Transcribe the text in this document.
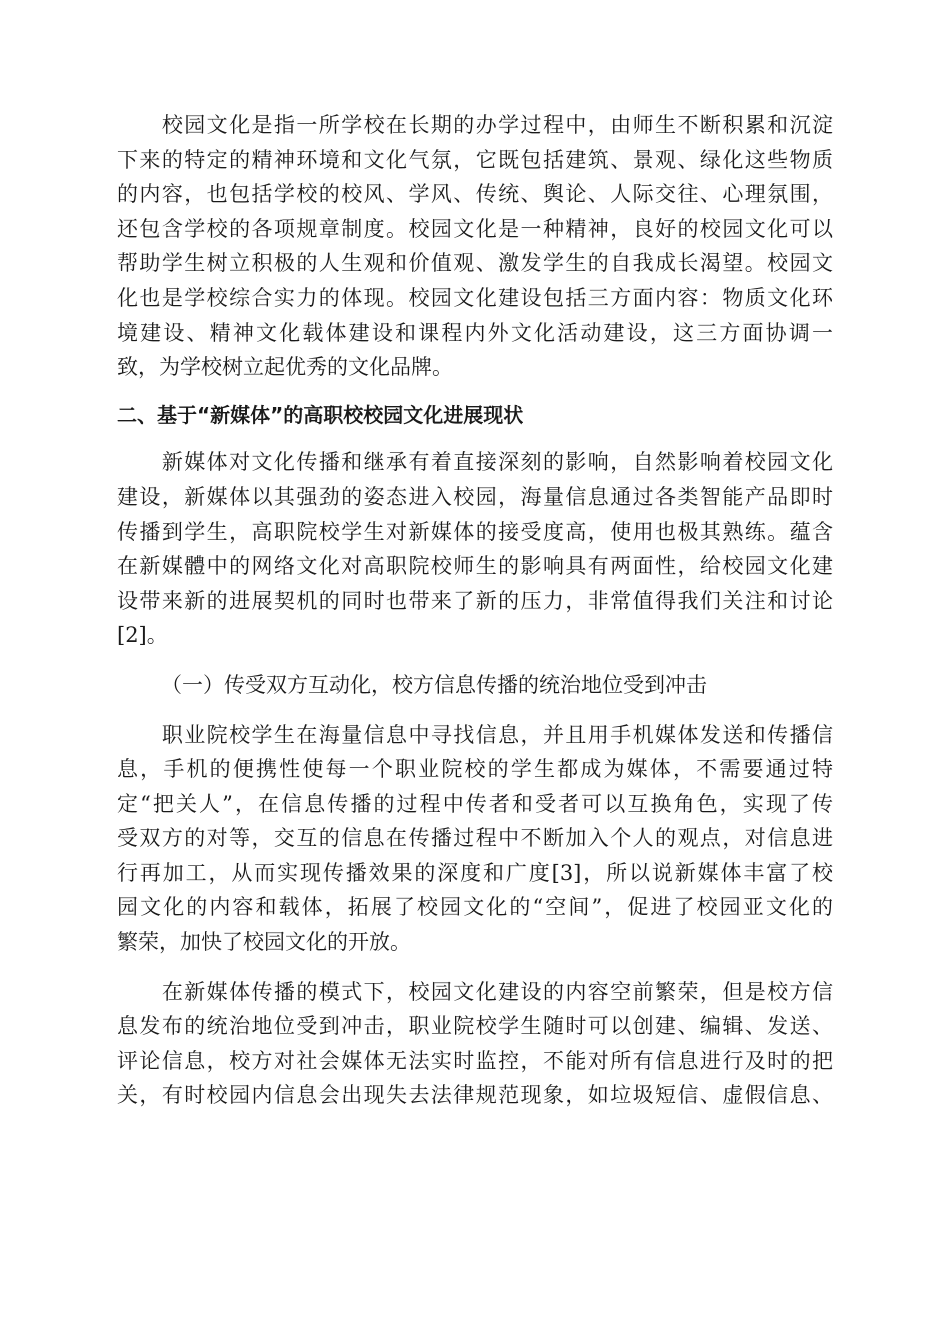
　　校园文化是指一所学校在长期的办学过程中，由师生不断积累和沉淀
下来的特定的精神环境和文化气氛，它既包括建筑、景观、绿化这些物质
的内容，也包括学校的校风、学风、传统、舆论、人际交往、心理氛围，
还包含学校的各项规章制度。校园文化是一种精神，良好的校园文化可以
帮助学生树立积极的人生观和价值观、激发学生的自我成长渴望。校园文
化也是学校综合实力的体现。校园文化建设包括三方面内容：物质文化环
境建设、精神文化载体建设和课程内外文化活动建设，这三方面协调一
致，为学校树立起优秀的文化品牌。
二、基于“新媒体”的高职校校园文化进展现状
　　新媒体对文化传播和继承有着直接深刻的影响，自然影响着校园文化
建设，新媒体以其强劲的姿态进入校园，海量信息通过各类智能产品即时
传播到学生，高职院校学生对新媒体的接受度高，使用也极其熟练。蕴含
在新媒體中的网络文化对高职院校师生的影响具有两面性，给校园文化建
设带来新的进展契机的同时也带来了新的压力，非常值得我们关注和讨论
[2]。
（一）传受双方互动化，校方信息传播的统治地位受到冲击
　　职业院校学生在海量信息中寻找信息，并且用手机媒体发送和传播信
息，手机的便携性使每一个职业院校的学生都成为媒体，不需要通过特
定“把关人”，在信息传播的过程中传者和受者可以互换角色，实现了传
受双方的对等，交互的信息在传播过程中不断加入个人的观点，对信息进
行再加工，从而实现传播效果的深度和广度[3]，所以说新媒体丰富了校
园文化的内容和载体，拓展了校园文化的“空间”，促进了校园亚文化的
繁荣，加快了校园文化的开放。
　　在新媒体传播的模式下，校园文化建设的内容空前繁荣，但是校方信
息发布的统治地位受到冲击，职业院校学生随时可以创建、编辑、发送、
评论信息，校方对社会媒体无法实时监控，不能对所有信息进行及时的把
关，有时校园内信息会出现失去法律规范现象，如垃圾短信、虚假信息、
